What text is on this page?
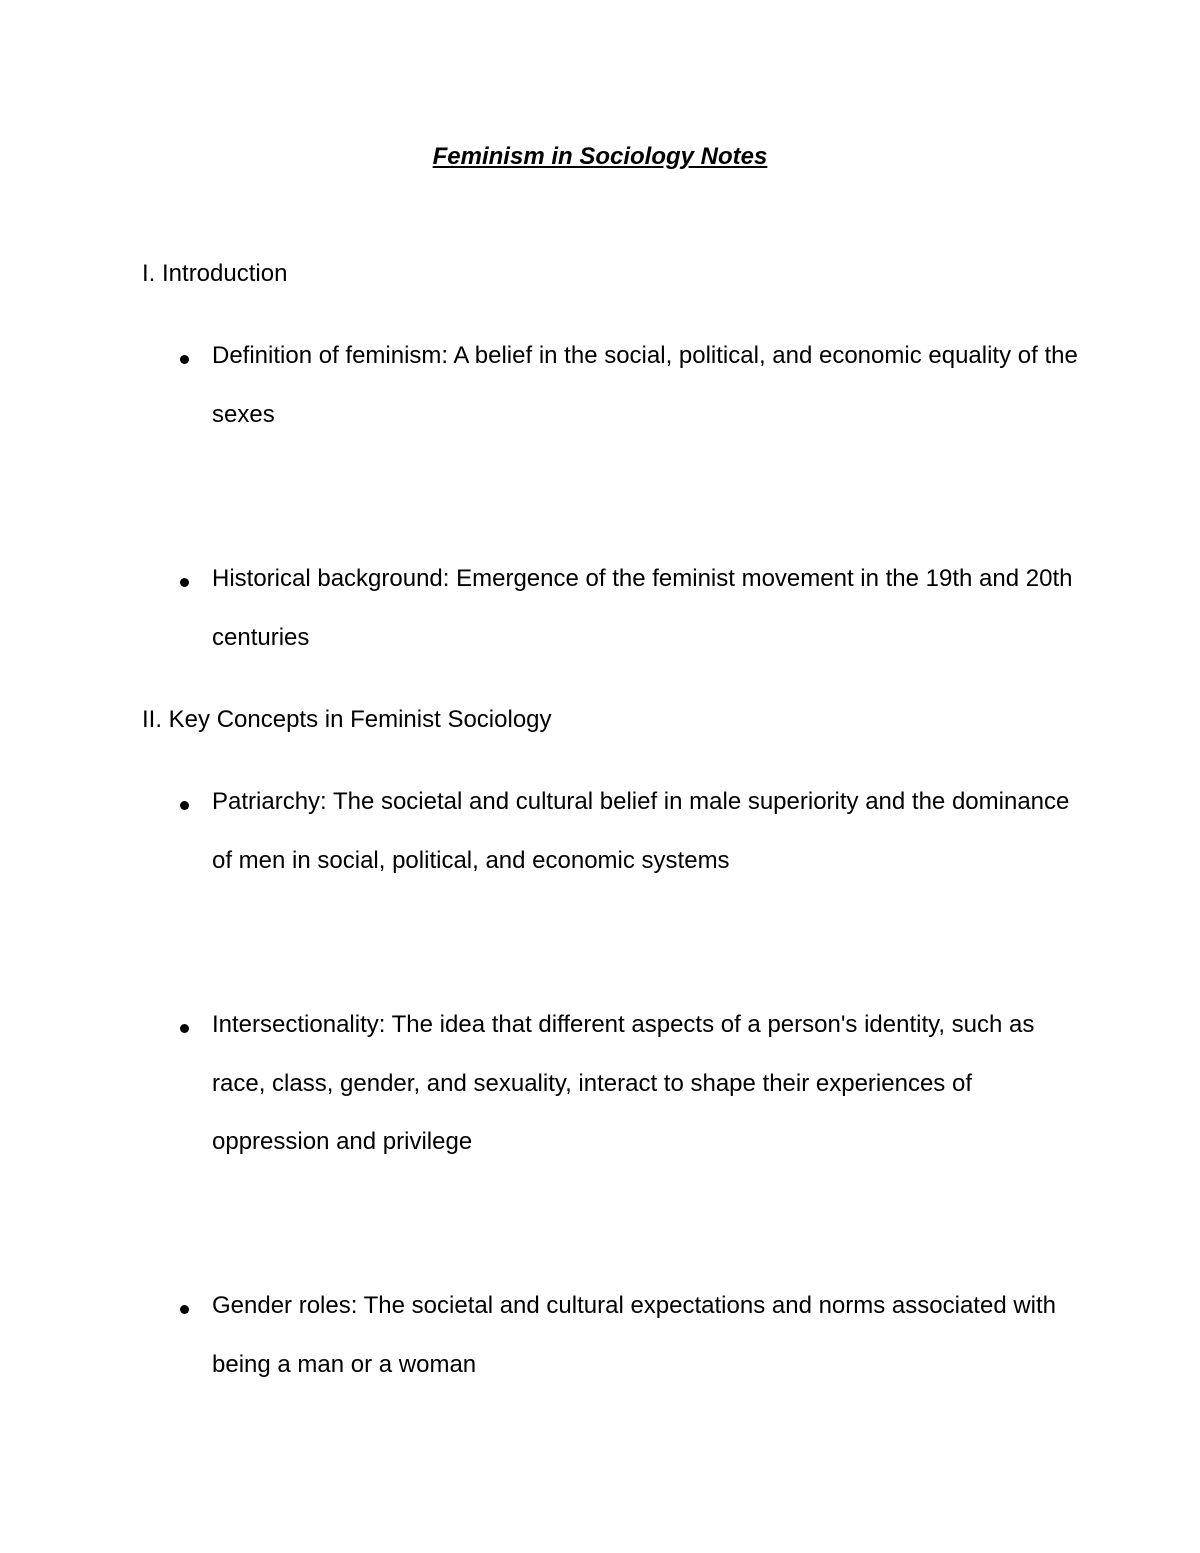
Feminism in Sociology Notes
I. Introduction
Definition of feminism: A belief in the social, political, and economic equality of the sexes
Historical background: Emergence of the feminist movement in the 19th and 20th centuries
II. Key Concepts in Feminist Sociology
Patriarchy: The societal and cultural belief in male superiority and the dominance of men in social, political, and economic systems
Intersectionality: The idea that different aspects of a person's identity, such as race, class, gender, and sexuality, interact to shape their experiences of oppression and privilege
Gender roles: The societal and cultural expectations and norms associated with being a man or a woman
